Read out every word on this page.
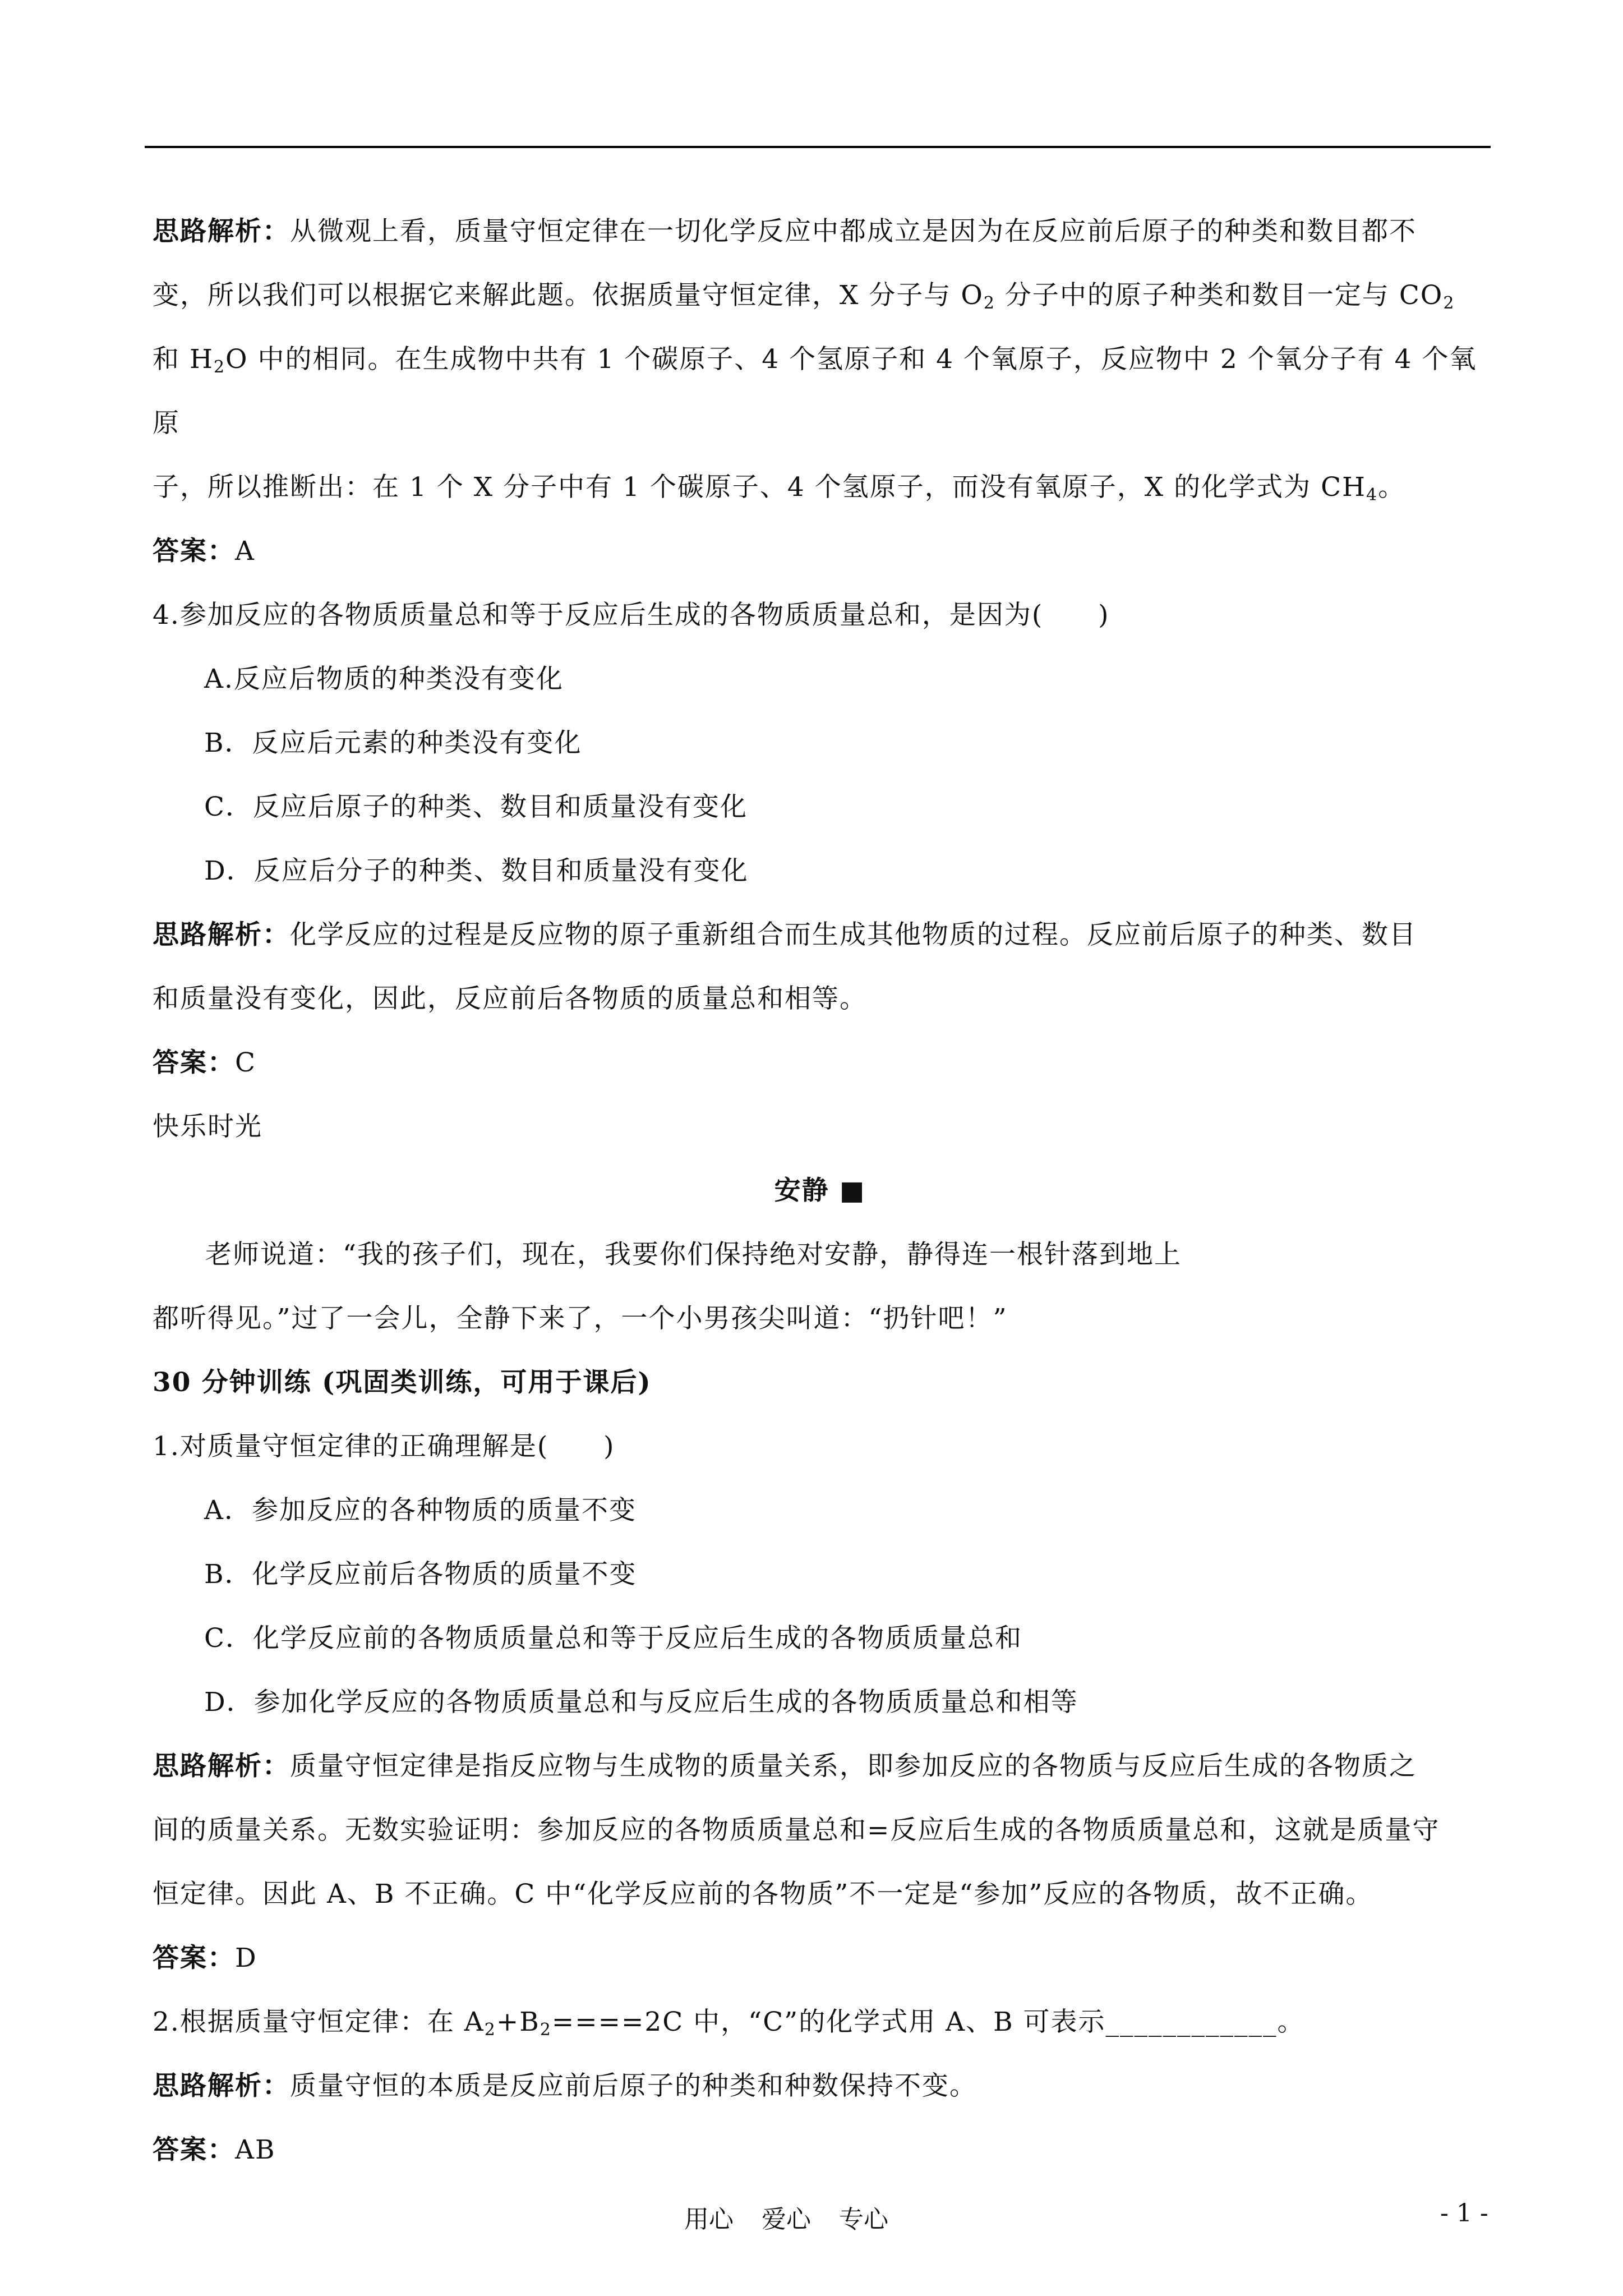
思路解析：从微观上看，质量守恒定律在一切化学反应中都成立是因为在反应前后原子的种类和数目都不
变，所以我们可以根据它来解此题。依据质量守恒定律，X 分子与 $O_2$ 分子中的原子种类和数目一定与 $CO_2$
和 $H_2O$ 中的相同。在生成物中共有 1 个碳原子、4 个氢原子和 4 个氧原子，反应物中 2 个氧分子有 4 个氧原
子，所以推断出：在 1 个 X 分子中有 1 个碳原子、4 个氢原子，而没有氧原子，X 的化学式为 $CH_4$。
答案：A
4.参加反应的各物质质量总和等于反应后生成的各物质质量总和，是因为(　　)
A.反应后物质的种类没有变化
B．反应后元素的种类没有变化
C．反应后原子的种类、数目和质量没有变化
D．反应后分子的种类、数目和质量没有变化
思路解析：化学反应的过程是反应物的原子重新组合而生成其他物质的过程。反应前后原子的种类、数目
和质量没有变化，因此，反应前后各物质的质量总和相等。
答案：C
快乐时光
安静 ■
老师说道：“我的孩子们，现在，我要你们保持绝对安静，静得连一根针落到地上
都听得见。”过了一会儿，全静下来了，一个小男孩尖叫道：“扔针吧！”
30 分钟训练 (巩固类训练，可用于课后)
1.对质量守恒定律的正确理解是(　　)
A．参加反应的各种物质的质量不变
B．化学反应前后各物质的质量不变
C．化学反应前的各物质质量总和等于反应后生成的各物质质量总和
D．参加化学反应的各物质质量总和与反应后生成的各物质质量总和相等
思路解析：质量守恒定律是指反应物与生成物的质量关系，即参加反应的各物质与反应后生成的各物质之
间的质量关系。无数实验证明：参加反应的各物质质量总和=反应后生成的各物质质量总和，这就是质量守
恒定律。因此 A、B 不正确。C 中“化学反应前的各物质”不一定是“参加”反应的各物质，故不正确。
答案：D
2.根据质量守恒定律：在 $A_2+B_2====2C$ 中，“C”的化学式用 A、B 可表示____________。
思路解析：质量守恒的本质是反应前后原子的种类和种数保持不变。
答案：AB
用心 爱心 专心	- 1 -
